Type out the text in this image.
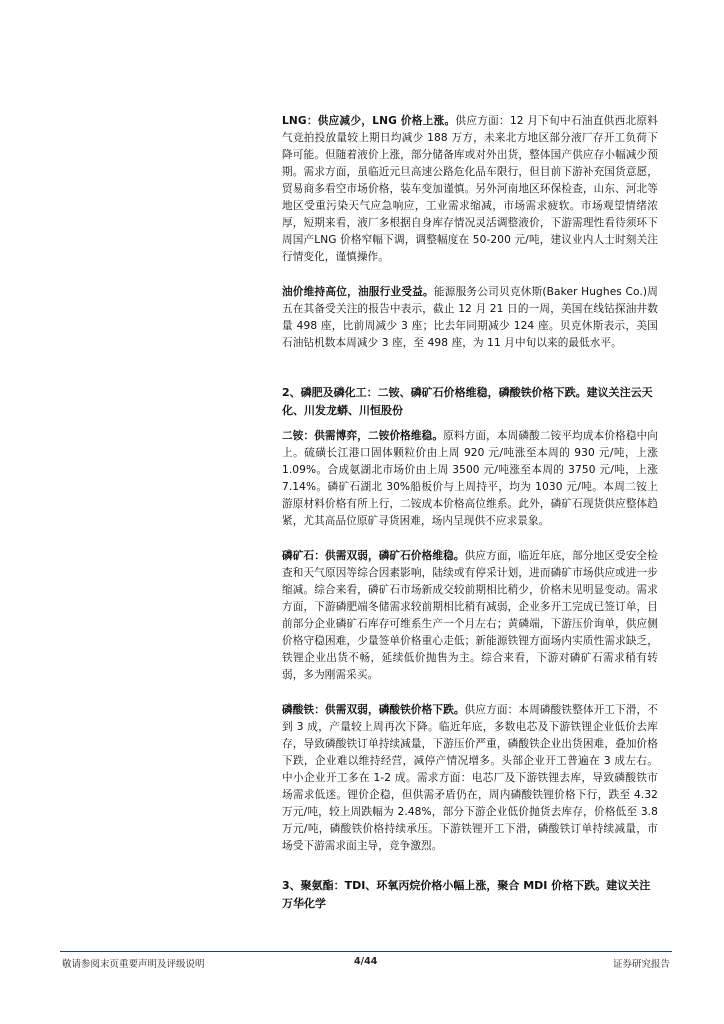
LNG：供应减少，LNG 价格上涨。供应方面：12 月下旬中石油直供西北原料气竞拍投放量较上期日均减少 188 万方，未来北方地区部分液厂存开工负荷下降可能。但随着液价上涨，部分储备库或对外出货，整体国产供应存小幅减少预期。需求方面，虽临近元旦高速公路危化品车限行，但目前下游补充国货意愿，贸易商多看空市场价格，装车变加谨慎。另外河南地区环保检查，山东、河北等地区受重污染天气应急响应，工业需求缩减，市场需求疲软。市场观望情绪浓厚，短期来看，液厂多根据自身库存情况灵活调整液价，下游需理性看待须环下周国产LNG 价格窄幅下调，调整幅度在 50-200 元/吨，建议业内人士时刻关注行情变化，谨慎操作。

油价维持高位，油服行业受益。能源服务公司贝克休斯(Baker Hughes Co.)周五在其备受关注的报告中表示，截止 12 月 21 日的一周，美国在线钻探油井数量 498 座，比前周减少 3 座；比去年同期减少 124 座。贝克休斯表示，美国石油钻机数本周减少 3 座，至 498 座，为 11 月中旬以来的最低水平。

2、磷肥及磷化工：二铵、磷矿石价格维稳，磷酸铁价格下跌。建议关注云天化、川发龙蟒、川恒股份

二铵：供需博弈，二铵价格维稳。原料方面，本周磷酸二铵平均成本价格稳中向上。硫磺长江港口固体颗粒价由上周 920 元/吨涨至本周的 930 元/吨，上涨 1.09%。合成氨湖北市场价由上周 3500 元/吨涨至本周的 3750 元/吨，上涨 7.14%。磷矿石湖北 30%船板价与上周持平，均为 1030 元/吨。本周二铵上游原材料价格有所上行，二铵成本价格高位维系。此外，磷矿石现货供应整体趋紧，尤其高品位原矿寻货困难，场内呈现供不应求景象。

磷矿石：供需双弱，磷矿石价格维稳。供应方面，临近年底，部分地区受安全检查和天气原因等综合因素影响，陆续或有停采计划，进而磷矿市场供应或进一步缩减。综合来看，磷矿石市场新成交较前期相比稍少，价格未见明显变动。需求方面，下游磷肥端冬储需求较前期相比稍有减弱，企业多开工完成已签订单，目前部分企业磷矿石库存可维系生产一个月左右；黄磷端，下游压价询单，供应侧价格守稳困难，少量签单价格重心走低；新能源铁锂方面场内实质性需求缺乏，铁锂企业出货不畅，延续低价抛售为主。综合来看，下游对磷矿石需求稍有转弱，多为刚需采买。

磷酸铁：供需双弱，磷酸铁价格下跌。供应方面：本周磷酸铁整体开工下滑，不到 3 成，产量较上周再次下降。临近年底，多数电芯及下游铁锂企业低价去库存，导致磷酸铁订单持续减量，下游压价严重，磷酸铁企业出货困难，叠加价格下跌，企业难以维持经营，减停产情况增多。头部企业开工普遍在 3 成左右。中小企业开工多在 1-2 成。需求方面：电芯厂及下游铁锂去库，导致磷酸铁市场需求低迷。锂价企稳，但供需矛盾仍在，周内磷酸铁锂价格下行，跌至 4.32 万元/吨，较上周跌幅为 2.48%，部分下游企业低价抛货去库存，价格低至 3.8 万元/吨，磷酸铁价格持续承压。下游铁锂开工下滑，磷酸铁订单持续减量，市场受下游需求面主导，竞争激烈。

3、聚氨酯：TDI、环氧丙烷价格小幅上涨，聚合 MDI 价格下跌。建议关注万华化学
敬请参阅末页重要声明及评级说明	4/44	证券研究报告
